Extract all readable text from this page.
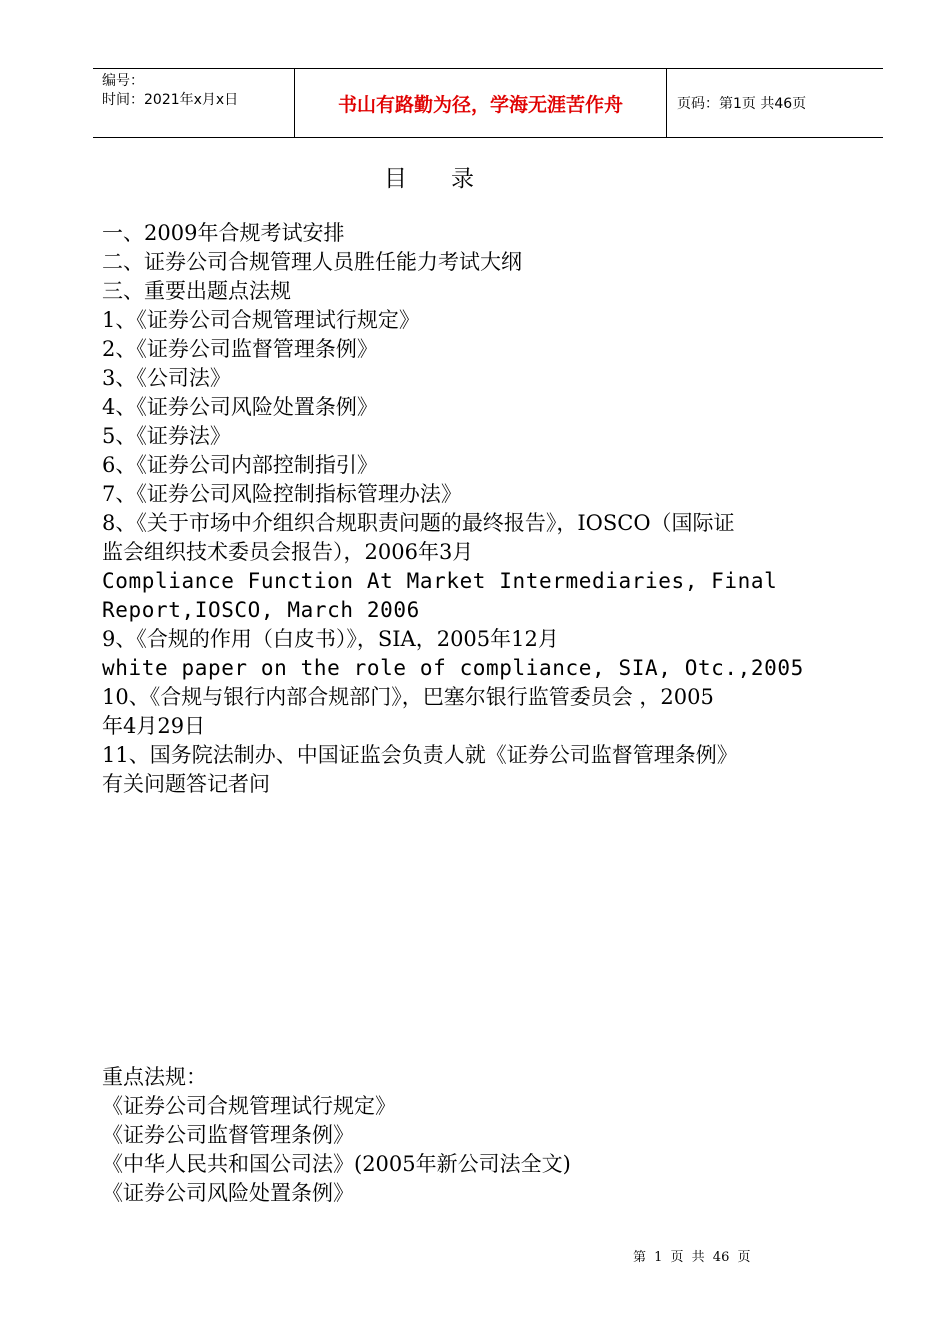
编号：
时间：2021年x月x日	书山有路勤为径，学海无涯苦作舟	页码：第1页 共46页
目录
一、2009年合规考试安排
二、证券公司合规管理人员胜任能力考试大纲
三、重要出题点法规
1、《证券公司合规管理试行规定》
2、《证券公司监督管理条例》
3、《公司法》
4、《证券公司风险处置条例》
5、《证券法》
6、《证券公司内部控制指引》
7、《证券公司风险控制指标管理办法》
8、《关于市场中介组织合规职责问题的最终报告》，IOSCO（国际证
监会组织技术委员会报告），2006年3月
Compliance Function At Market Intermediaries, Final
Report,IOSCO, March 2006
9、《合规的作用（白皮书）》，SIA，2005年12月
white paper on the role of compliance, SIA, Otc.,2005
10、《合规与银行内部合规部门》，巴塞尔银行监管委员会 ，2005
年4月29日
11、国务院法制办、中国证监会负责人就《证券公司监督管理条例》
有关问题答记者问
重点法规：
《证券公司合规管理试行规定》
《证券公司监督管理条例》
《中华人民共和国公司法》(2005年新公司法全文)
《证券公司风险处置条例》
第 1 页 共 46 页
